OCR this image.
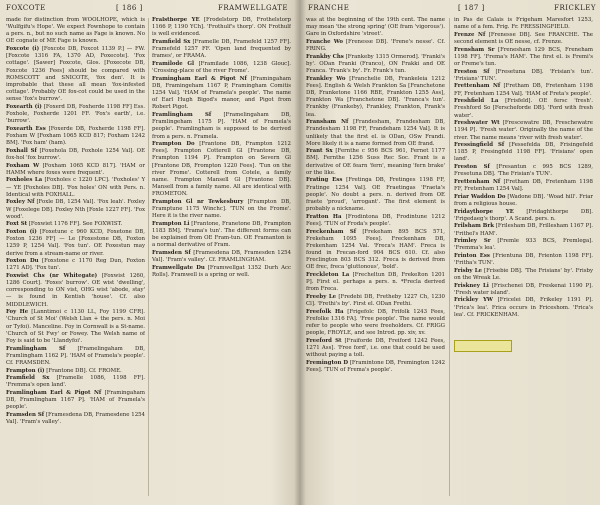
FOXCOTE	[ 186 ]	FRAMWELLGATE

made for distinction from WOOLHOPE, which is 'Wulfgifu's Hope'. We expect Fownhope to contain a pers. n., but no such name as Fage is known. No OE cognate of ME Fage is known.

Foxcote (i) [Foxcote DB, Foxcot 1139 P.] — FW. [Foxcote 1316 FA, 1370 AD, Foxecote]. 'Fox cottage'. [Sawer] Foxcote, Glos. [Foxecote DB, Foxcote 1236 Fees] should be compared with ROMSCOTT and SNICOTE, 'fox den'. It is improbable that these all mean 'fox-infested cottage'. Probably OE fox-cot could be used in the sense 'fox's burrow'.

Foxearth (i) [Foxerd DB, Foxherde 1198 FF] Ess. Foxhole, Foxherde 1201 FF. 'Fox's earth', i.e. 'burrow'.

Foxearth Ess [Foxerde DB, Foxherde 1198 FF]. Foxham W [Foxham 1065 KCD 817; Foxham 1242 BM]. 'Fox ham' (ham).

Foxhall Sf [Foxehola DB, Foxhole 1254 Val]. OE fox-hol 'fox burrow'.

Foxham W [Foxham 1065 KCD 817]. 'HAM or HAMM where foxes were frequent'.

Foxholes La [Foxholes c 1220 LPC]. 'Foxholes' Y — YE [Foxholes DB]. 'Fox holes' ON with Pers. n. Identical with FOXHALL.

Foxley Nf [Foxle DB, 1254 Val]. 'Fox leah'. Foxley W [Foxelege DB]. Foxley Nth [Foxle 1227 FF]. 'Fox wood'.

Foxt St [Foxwiet 1176 FF]. See FOXWIST.

Foxton (i) [Foxetune c 960 KCD, Foxetone DB, Foxton 1236 FF] — Le [Foxestone DB, Foxton 1259 P, 1254 Val]. 'Fox tun'. OE Foxestun may derive from a stream-name or river.

Foxton Du [Foxstone c 1170 Reg Dun, Foxton 1271 AD]. 'Fox tun'.

Foxwist Chs (nr Whitegate) [Foxwist 1260, 1286 Court]. 'Foxes' burrow'. OE wist 'dwelling', corresponding to ON vist, OHG wist 'abode, stay' — is found in Kentish 'house'. Cf. also MIDDLEWICH.

Foy He [Lanntimoi c 1130 LL, Foy 1199 CFR]. 'Church of St Moi' (Welsh Llan + the pers. n. Moi or Tyfoi). Manceline. Foy in Cornwall is a St-name. 'Church of St Fwy' or Fowey. The Welsh name of Foy is said to be 'Llandyfoi'.

Framlingham Sf [Framelingaham DB, Framlingham 1162 P]. 'HAM of Framela's people'. Cf. FRAMSDEN.

Frampton (i) [Frantone DB]. Cf. FROME.

Framfield Sx [Framelle 1086, 1198 FF]. 'Fremma's open land'.

Framlingham Earl & Pigot Nf [Framingaham DB, Framlingham 1167 P]. 'HAM of Framela's people'.

Framsden Sf [Framesdena DB, Framesdene 1254 Val]. 'Fram's valley'.

Fralsthorpe YE [Frodelstorp DB, Frothelstorp 1166 P, 1190 YCh]. 'Frothulf's thorp'. ON Frothulf is well evidenced.

Framfield Sx [Framelle DB, Framefeld 1257 FF]. Framefeld 1257 FF. 'Open land frequented by frames', or FRAMA.

Framilode Gl [Framilade 1086, 1238 Glouc]. 'Crossing-place of the river Frome'.

Framingham Earl & Pigot Nf [Framingaham DB, Framingeham 1167 P, Framingham Comitis 1254 Val]. 'HAM of Framela's people'. The name of Earl Hugh Bigod's manor, and Pigot from Robert Pigot.

Framlingham Sf [Framelingaham DB, Framlingeham 1175 P]. 'HAM of Framela's people'. Framlingham is supposed to be derived from a pers. n. Framela.

Frampton Do [Frantone DB, Frampton 1212 Fees]. Frampton Cotterell Gl [Frantone DB, Frampton 1194 P]. Frampton on Severn Gl [Frantone DB, Frompton 1220 Fees]. 'Tun on the river Frome'. Cotterell from Cotele, a family name. Frampton Mansell Gl [Frantone DB]. Mansell from a family name. All are identical with FROMETON.

Frampton Gl nr Tewkesbury [Frampton DB, Framptune 1175 Winchc]. 'TUN on the Frome'. Here it is the river name.

Frampton Li [Frantone, Franetone DB, Frampton 1183 BM]. 'Frama's tun'. The different forms can be explained from OE Fram-tun. OE Framanton is a normal derivative of Fram.

Framsden Sf [Framesdena DB, Framesden 1254 Val]. 'Fram's valley'. Cf. FRAMLINGHAM.

Framwellgate Du [Framwellgat 1352 Durh Acc Rolls]. Framwell is a spring or well.

FRANCHE	[ 187 ]	FRICKLEY

was at the beginning of the 19th cent. The name may mean 'the strong spring' (OE fram 'vigorous'). Gare in Oxfordshire 'street'.

Franche Wo [Frenesse DB]. 'Frene's nesse'. Cf. FRING.

Frankby Chs [Frankeby 1315 Ormerod]. 'Franki's by'. ODan Franki (Franco), ON Frakki and OE Franca. 'Frank's by'. Fr. Frank's tun.

Frankley Wo [Franchelie DB, Frankeleia 1212 Fees]. English & Welsh Frankton Sa [Franchetone DB, Franketone 1166 RBE, Frankton 1255 Ass], Frankton Wa [Franchetone DB]. 'Franca's tun'. Frankby (Frankeby), Frankley, Frankton, Frank's lea.

Fransham Nf [Frandesham, Frandesham DB, Frandesham 1198 FF, Frandeham 1254 Val]. It is unlikely that the first el. is ODan, OSw Frandi. More likely it is a name formed from OE frand.

Frant Sx [Fernthe c 956 BCS 961, Fernet 1177 BM]. Fernthe 1256 Suss Rec Soc. Frant is a derivative of OE fearn 'fern', meaning 'fern brake' or the like.

Frating Ess [Fretinga DB, Fretinges 1198 FF, Fratinge 1254 Val]. OE Fraetingas 'Fraeta's people'. No doubt a pers. n. derived from OE fraete 'proud', 'arrogant'. The first element is probably a nickname.

Fratton Ha [Frodintona DB, Frodintune 1212 Fees]. 'TUN of Froda's people'.

Freckenham Sf [Frekeham 895 BCS 571, Frekeham 1095 Fees]. Freckenham DB, Frekenham 1254 Val. 'Freca's HAM'. Freca is found in Frecan-ford 904 BCS 610. Cf. also Freclington 803 BCS 312. Freca is derived from OE frec, freca 'gluttonous', 'bold'.

Freckleton La [Frecheltun DB, Frekelton 1201 P]. First el. perhaps a pers. n. *Frecla derived from Freca.

Freeby Le [Fredebi DB, Fretheby 1227 Ch, 1230 Cl]. 'Frethi's by'. First el. ODan Frethi.

Freefolk Ha [Frigefolc DB, Frifolk 1243 Fees, Frefolke 1316 FA]. 'Free people'. The name would refer to people who were freeholders. Cf. FRIGG people, FROYLE, and see Introd. pp. xiv, xv.

Freeford St [Fraiforde DB, Freiford 1242 Fees, 1271 Ass]. 'Free ford', i.e. one that could be used without paying a toll.

Fremington D [Framintone DB, Fremington 1242 Fees]. 'TUN of Frema's people'.

in Pas de Calais is Frigeham Maresfort 1253, name of a fem. Frig. Fr. FRESSINGFIELD.

Frenze Nf [Frenesse DB]. See FRANCHE. The second element is OE nesse, cf. Frenze.

Frensham Sr [Frenesham 129 BCS, Freneham 1198 FF]. 'Frema's HAM'. The first el. is Fremi's or Freme's tun.

Freston Sf [Fresetuna DB]. 'Frisian's tun'. 'Frisians' TUN'.

Frettenham Nf [Fretham DB, Fretenham 1198 FF, Fretenham 1254 Val]. 'HAM of Freta's people'.

Freshfield La [Frisfeld]. OE fersc 'fresh'. Freshford So [Ferscheforde DB]. 'Ford with fresh water'.

Freshwater Wt [Frescewatre DB, Freschewatre 1194 P]. 'Fresh water'. Originally the name of the river. The name means 'river with fresh water'.

Fressingfield Sf [Fessefelda DB, Frisingefeld 1185 P, Fresingfeld 1198 FF]. 'Frisians' open land'.

Freston Sf [Fresantun c 995 BCS 1289, Fresetuna DB]. 'The Frisian's TUN'.

Frettenham Nf [Fretham DB, Fretenham 1198 FF, Fretenham 1254 Val].

Friar Waddon Do [Wadone DB]. 'Woad hill'. Friar from a religious house.

Fridaythorpe YE [Fridaghthorpe DB]. 'Frigedaeg's thorp'. A Scand. pers. n.

Frilsham Brk [Frilesham DB, Frillesham 1167 P]. 'Frithel's HAM'.

Frimley Sr [Fremle 933 BCS, Fremlega]. 'Fremma's lea'.

Frinton Ess [Frientuna DB, Frienton 1198 FF]. 'Fritha's TUN'.

Frisby Le [Frisebie DB]. 'The Frisians' by'. Frisby on the Wreak Le.

Friskney Li [Frischenei DB, Freskenai 1190 P]. 'Fresh water island'.

Frickley YW [Fricelei DB, Frikeley 1191 P]. 'Frica's lea'. Frica occurs in Friceshom. 'Frica's lea'. Cf. FRICKENHAM.
